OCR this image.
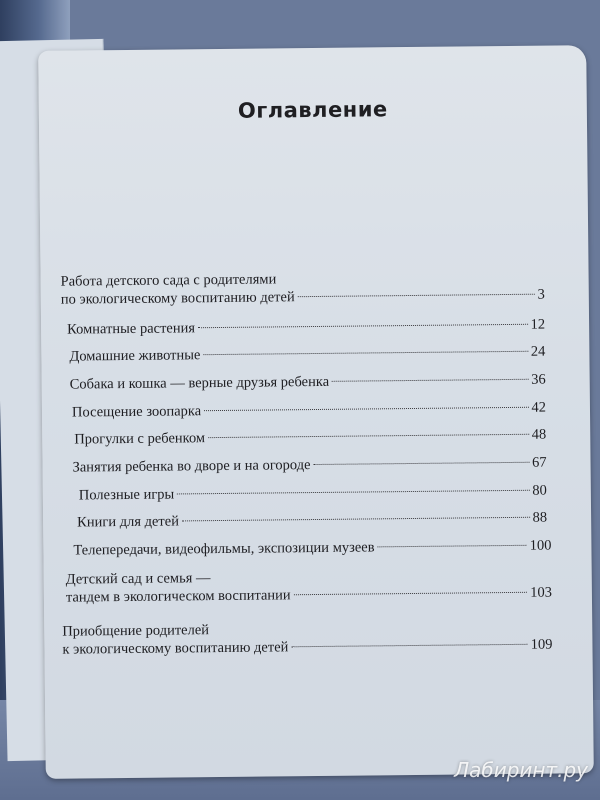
Оглавление
Работа детского сада с родителями
по экологическому воспитанию детей	3
Комнатные растения	12
Домашние животные	24
Собака и кошка — верные друзья ребенка	36
Посещение зоопарка	42
Прогулки с ребенком	48
Занятия ребенка во дворе и на огороде	67
Полезные игры	80
Книги для детей	88
Телепередачи, видеофильмы, экспозиции музеев	100
Детский сад и семья —
тандем в экологическом воспитании	103
Приобщение родителей
к экологическому воспитанию детей	109
Лабиринт.ру
